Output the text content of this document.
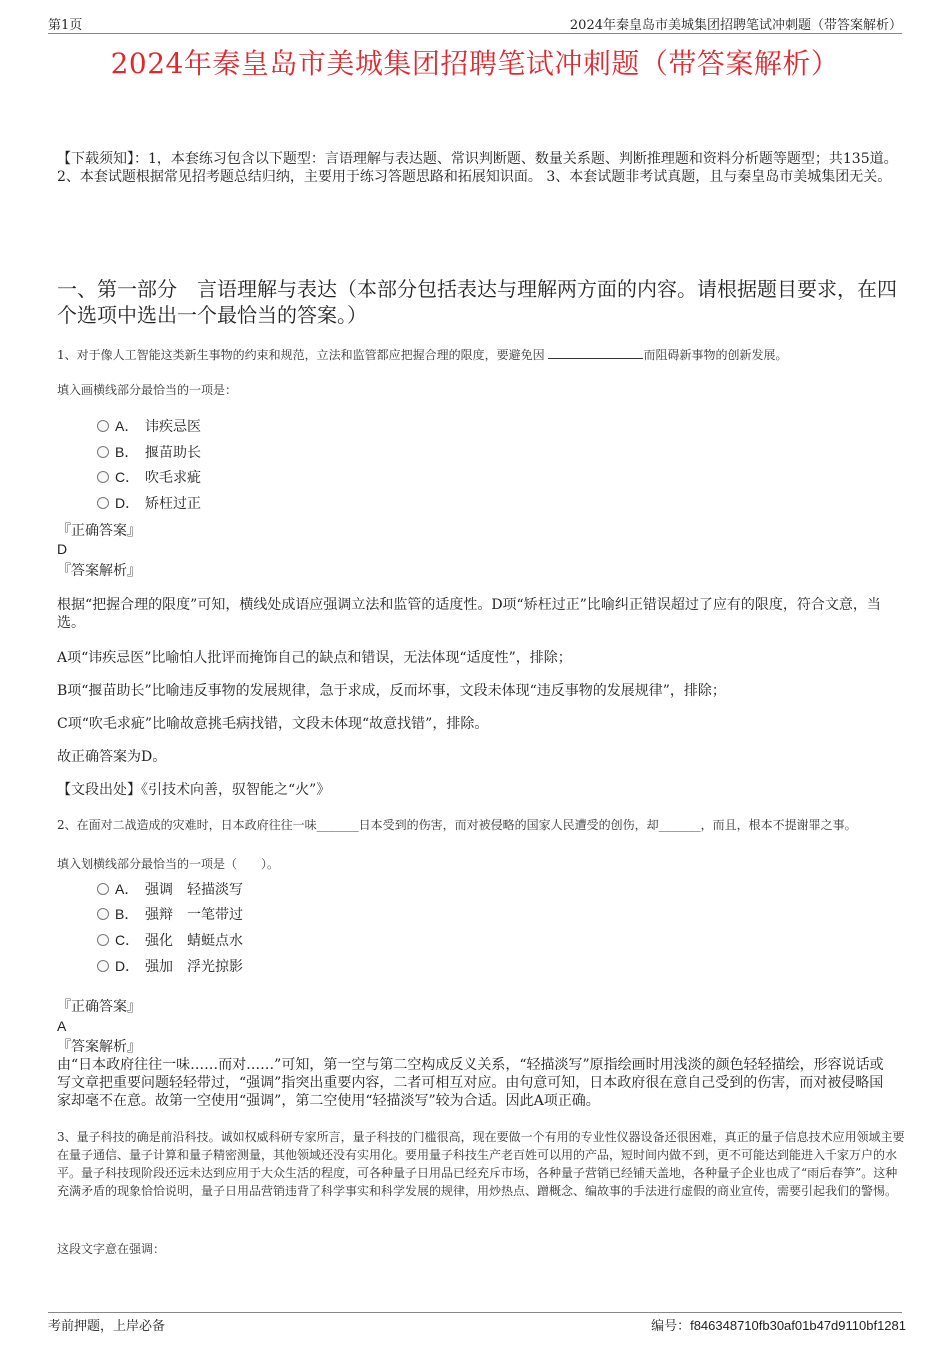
第1页	2024年秦皇岛市美城集团招聘笔试冲刺题（带答案解析）
2024年秦皇岛市美城集团招聘笔试冲刺题（带答案解析）
【下载须知】：1，本套练习包含以下题型：言语理解与表达题、常识判断题、数量关系题、判断推理题和资料分析题等题型；共135道。 2、本套试题根据常见招考题总结归纳，主要用于练习答题思路和拓展知识面。 3、本套试题非考试真题，且与秦皇岛市美城集团无关。
一、第一部分　言语理解与表达（本部分包括表达与理解两方面的内容。请根据题目要求，在四个选项中选出一个最恰当的答案。）
1、对于像人工智能这类新生事物的约束和规范，立法和监管都应把握合理的限度，要避免因	而阻碍新事物的创新发展。
填入画横线部分最恰当的一项是：
A． 讳疾忌医
B． 揠苗助长
C． 吹毛求疵
D． 矫枉过正
『正确答案』
D
『答案解析』
根据“把握合理的限度”可知，横线处成语应强调立法和监管的适度性。D项“矫枉过正”比喻纠正错误超过了应有的限度，符合文意，当选。
A项“讳疾忌医”比喻怕人批评而掩饰自己的缺点和错误，无法体现“适度性”，排除；
B项“揠苗助长”比喻违反事物的发展规律，急于求成，反而坏事，文段未体现“违反事物的发展规律”，排除；
C项“吹毛求疵”比喻故意挑毛病找错，文段未体现“故意找错”，排除。
故正确答案为D。
【文段出处】《引技术向善，驭智能之“火”》
2、在面对二战造成的灾难时，日本政府往往一味_______日本受到的伤害，而对被侵略的国家人民遭受的创伤，却_______，而且，根本不提谢罪之事。
填入划横线部分最恰当的一项是（　　）。
A． 强调　轻描淡写
B． 强辩　一笔带过
C． 强化　蜻蜓点水
D． 强加　浮光掠影
『正确答案』
A
『答案解析』
由“日本政府往往一味……而对……”可知，第一空与第二空构成反义关系，“轻描淡写”原指绘画时用浅淡的颜色轻轻描绘，形容说话或写文章把重要问题轻轻带过，“强调”指突出重要内容，二者可相互对应。由句意可知，日本政府很在意自己受到的伤害，而对被侵略国家却毫不在意。故第一空使用“强调”，第二空使用“轻描淡写”较为合适。因此A项正确。
3、量子科技的确是前沿科技。诚如权威科研专家所言，量子科技的门槛很高，现在要做一个有用的专业性仪器设备还很困难，真正的量子信息技术应用领域主要在量子通信、量子计算和量子精密测量，其他领域还没有实用化。要用量子科技生产老百姓可以用的产品，短时间内做不到，更不可能达到能进入千家万户的水平。量子科技现阶段还远未达到应用于大众生活的程度，可各种量子日用品已经充斥市场，各种量子营销已经铺天盖地，各种量子企业也成了“雨后春笋”。这种充满矛盾的现象恰恰说明，量子日用品营销违背了科学事实和科学发展的规律，用炒热点、蹭概念、编故事的手法进行虚假的商业宣传，需要引起我们的警惕。
这段文字意在强调：
考前押题，上岸必备	编号：f846348710fb30af01b47d9110bf1281
